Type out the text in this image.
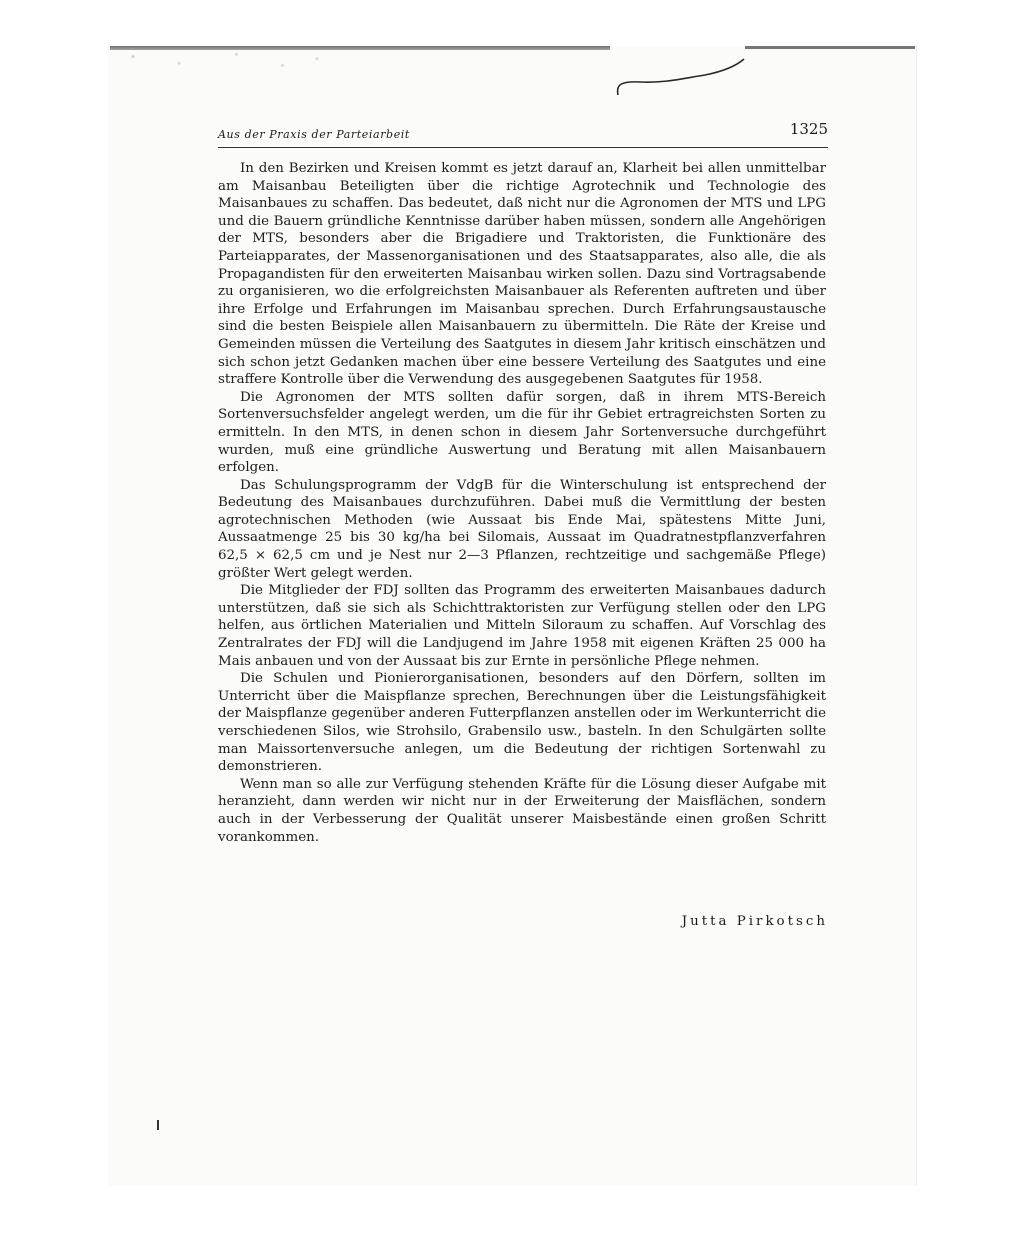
Aus der Praxis der Parteiarbeit	1325

In den Bezirken und Kreisen kommt es jetzt darauf an, Klarheit bei allen unmittelbar am Maisanbau Beteiligten über die richtige Agrotechnik und Technologie des Maisanbaues zu schaffen. Das bedeutet, daß nicht nur die Agronomen der MTS und LPG und die Bauern gründliche Kenntnisse darüber haben müssen, sondern alle Angehörigen der MTS, besonders aber die Brigadiere und Traktoristen, die Funktionäre des Parteiapparates, der Massenorganisationen und des Staatsapparates, also alle, die als Propagandisten für den erweiterten Maisanbau wirken sollen. Dazu sind Vortragsabende zu organisieren, wo die erfolgreichsten Maisanbauer als Referenten auftreten und über ihre Erfolge und Erfahrungen im Maisanbau sprechen. Durch Erfahrungsaustausche sind die besten Beispiele allen Maisanbauern zu übermitteln. Die Räte der Kreise und Gemeinden müssen die Verteilung des Saatgutes in diesem Jahr kritisch einschätzen und sich schon jetzt Gedanken machen über eine bessere Verteilung des Saatgutes und eine straffere Kontrolle über die Verwendung des ausgegebenen Saatgutes für 1958.

Die Agronomen der MTS sollten dafür sorgen, daß in ihrem MTS-Bereich Sortenversuchsfelder angelegt werden, um die für ihr Gebiet ertragreichsten Sorten zu ermitteln. In den MTS, in denen schon in diesem Jahr Sortenversuche durchgeführt wurden, muß eine gründliche Auswertung und Beratung mit allen Maisanbauern erfolgen.

Das Schulungsprogramm der VdgB für die Winterschulung ist entsprechend der Bedeutung des Maisanbaues durchzuführen. Dabei muß die Vermittlung der besten agrotechnischen Methoden (wie Aussaat bis Ende Mai, spätestens Mitte Juni, Aussaatmenge 25 bis 30 kg/ha bei Silomais, Aussaat im Quadratnestpflanzverfahren 62,5 × 62,5 cm und je Nest nur 2—3 Pflanzen, rechtzeitige und sachgemäße Pflege) größter Wert gelegt werden.

Die Mitglieder der FDJ sollten das Programm des erweiterten Maisanbaues dadurch unterstützen, daß sie sich als Schichttraktoristen zur Verfügung stellen oder den LPG helfen, aus örtlichen Materialien und Mitteln Siloraum zu schaffen. Auf Vorschlag des Zentralrates der FDJ will die Landjugend im Jahre 1958 mit eigenen Kräften 25 000 ha Mais anbauen und von der Aussaat bis zur Ernte in persönliche Pflege nehmen.

Die Schulen und Pionierorganisationen, besonders auf den Dörfern, sollten im Unterricht über die Maispflanze sprechen, Berechnungen über die Leistungsfähigkeit der Maispflanze gegenüber anderen Futterpflanzen anstellen oder im Werkunterricht die verschiedenen Silos, wie Strohsilo, Grabensilo usw., basteln. In den Schulgärten sollte man Maissortenversuche anlegen, um die Bedeutung der richtigen Sortenwahl zu demonstrieren.

Wenn man so alle zur Verfügung stehenden Kräfte für die Lösung dieser Aufgabe mit heranzieht, dann werden wir nicht nur in der Erweiterung der Maisflächen, sondern auch in der Verbesserung der Qualität unserer Maisbestände einen großen Schritt vorankommen.

Jutta Pirkotsch
